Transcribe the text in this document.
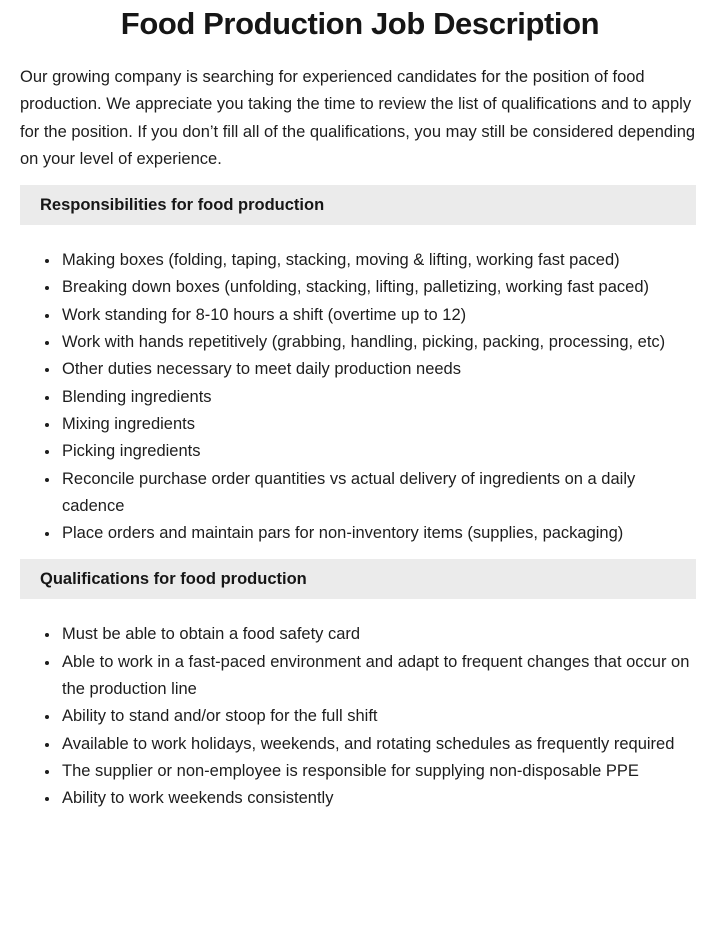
Food Production Job Description

Our growing company is searching for experienced candidates for the position of food production. We appreciate you taking the time to review the list of qualifications and to apply for the position. If you don’t fill all of the qualifications, you may still be considered depending on your level of experience.

Responsibilities for food production
• Making boxes (folding, taping, stacking, moving & lifting, working fast paced)
• Breaking down boxes (unfolding, stacking, lifting, palletizing, working fast paced)
• Work standing for 8-10 hours a shift (overtime up to 12)
• Work with hands repetitively (grabbing, handling, picking, packing, processing, etc)
• Other duties necessary to meet daily production needs
• Blending ingredients
• Mixing ingredients
• Picking ingredients
• Reconcile purchase order quantities vs actual delivery of ingredients on a daily cadence
• Place orders and maintain pars for non-inventory items (supplies, packaging)
Qualifications for food production
• Must be able to obtain a food safety card
• Able to work in a fast-paced environment and adapt to frequent changes that occur on the production line
• Ability to stand and/or stoop for the full shift
• Available to work holidays, weekends, and rotating schedules as frequently required
• The supplier or non-employee is responsible for supplying non-disposable PPE
• Ability to work weekends consistently
